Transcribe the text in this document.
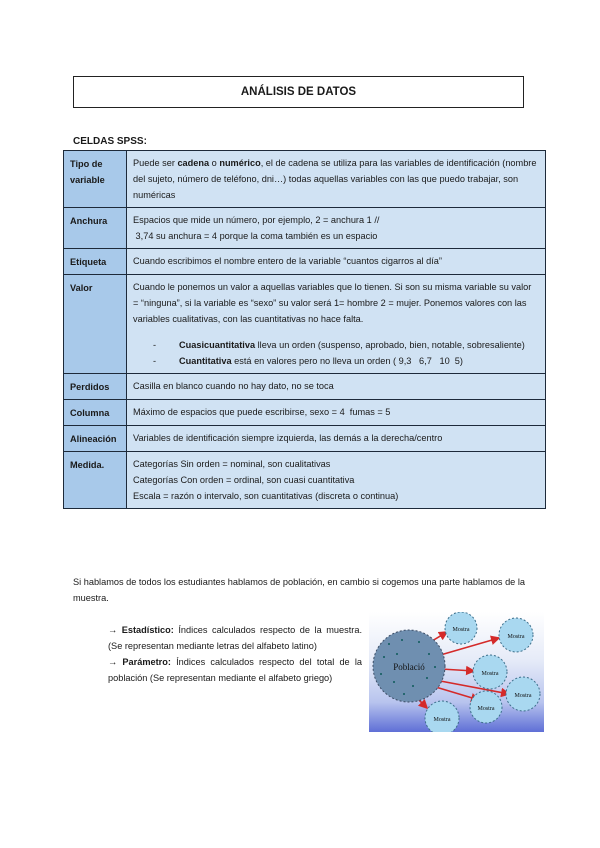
ANÁLISIS DE DATOS
CELDAS SPSS:
Tipo de variable	Puede ser cadena o numérico, el de cadena se utiliza para las variables de identificación (nombre del sujeto, número de teléfono, dni…) todas aquellas variables con las que puedo trabajar, son numéricas
Anchura	Espacios que mide un número, por ejemplo, 2 = anchura 1 //
3,74 su anchura = 4 porque la coma también es un espacio

Etiqueta	Cuando escribimos el nombre entero de la variable “cuantos cigarros al día”
Valor	Cuando le ponemos un valor a aquellas variables que lo tienen. Si son su misma variable su valor = “ninguna”, si la variable es “sexo” su valor será 1= hombre 2 = mujer. Ponemos valores con las variables cualitativas, con las cuantitativas no hace falta.
- Cuasicuantitativa lleva un orden (suspenso, aprobado, bien, notable, sobresaliente)
- Cuantitativa está en valores pero no lleva un orden ( 9,3   6,7   10  5)

Perdidos	Casilla en blanco cuando no hay dato, no se toca
Columna	Máximo de espacios que puede escribirse, sexo = 4  fumas = 5
Alineación	Variables de identificación siempre izquierda, las demás a la derecha/centro
Medida.	Categorías Sin orden = nominal, son cualitativas
Categorías Con orden = ordinal, son cuasi cuantitativa
Escala = razón o intervalo, son cuantitativas (discreta o continua)
Si hablamos de todos los estudiantes hablamos de población, en cambio si cogemos una parte hablamos de la muestra.
→ Estadístico: Índices calculados respecto de la muestra. (Se representan mediante letras del alfabeto latino)
→ Parámetro: Índices calculados respecto del total de la población (Se representan mediante el alfabeto griego)
Població
Mostra
Mostra
Mostra
Mostra
Mostra
Mostra
